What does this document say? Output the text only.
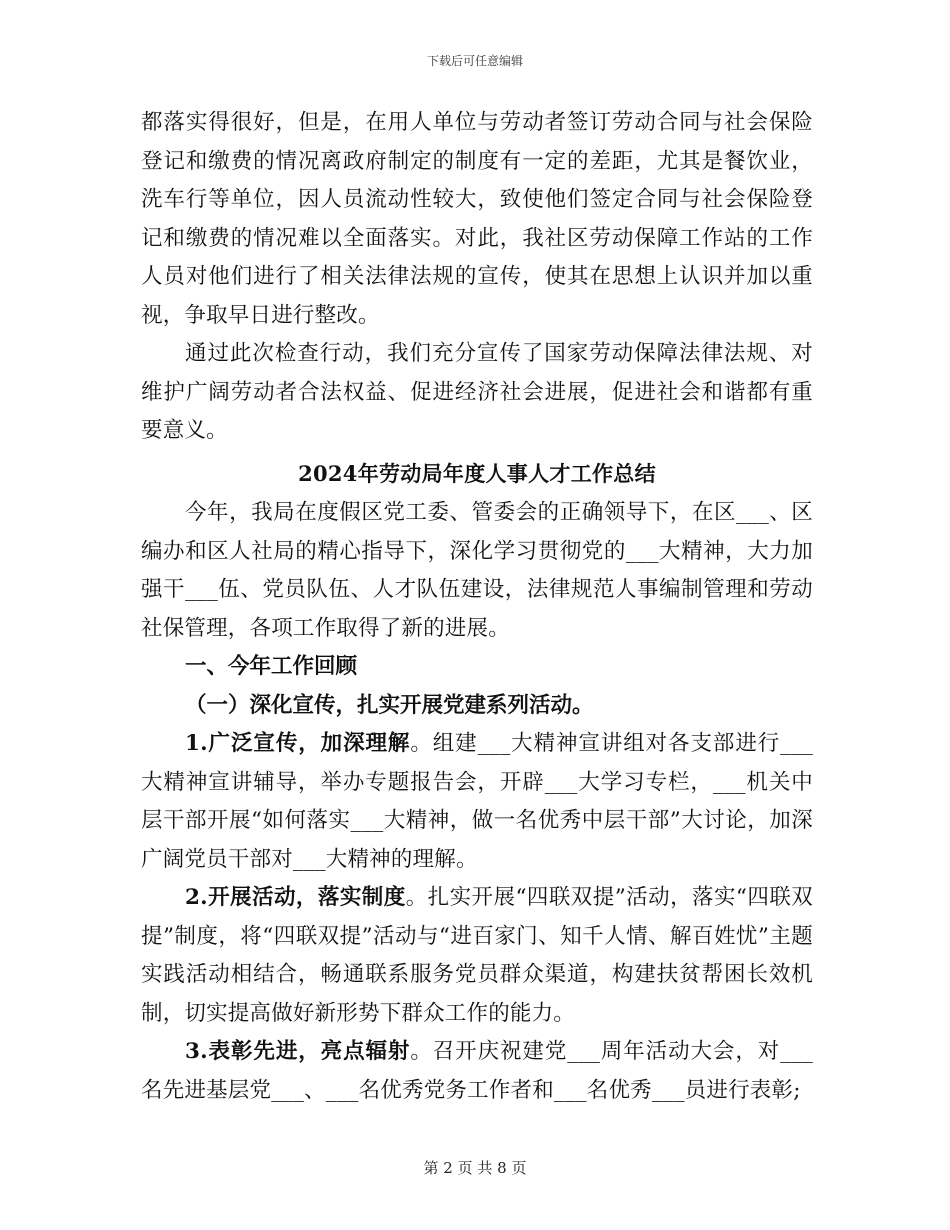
下载后可任意编辑

都落实得很好，但是，在用人单位与劳动者签订劳动合同与社会保险登记和缴费的情况离政府制定的制度有一定的差距，尤其是餐饮业，洗车行等单位，因人员流动性较大，致使他们签定合同与社会保险登记和缴费的情况难以全面落实。对此，我社区劳动保障工作站的工作人员对他们进行了相关法律法规的宣传，使其在思想上认识并加以重视，争取早日进行整改。

通过此次检查行动，我们充分宣传了国家劳动保障法律法规、对维护广阔劳动者合法权益、促进经济社会进展，促进社会和谐都有重要意义。

2024年劳动局年度人事人才工作总结

今年，我局在度假区党工委、管委会的正确领导下，在区___、区编办和区人社局的精心指导下，深化学习贯彻党的___大精神，大力加强干___伍、党员队伍、人才队伍建设，法律规范人事编制管理和劳动社保管理，各项工作取得了新的进展。

一、今年工作回顾

（一）深化宣传，扎实开展党建系列活动。

1.广泛宣传，加深理解。组建___大精神宣讲组对各支部进行___大精神宣讲辅导，举办专题报告会，开辟___大学习专栏，___机关中层干部开展“如何落实___大精神，做一名优秀中层干部”大讨论，加深广阔党员干部对___大精神的理解。

2.开展活动，落实制度。扎实开展“四联双提”活动，落实“四联双提”制度，将“四联双提”活动与“进百家门、知千人情、解百姓忧”主题实践活动相结合，畅通联系服务党员群众渠道，构建扶贫帮困长效机制，切实提高做好新形势下群众工作的能力。

3.表彰先进，亮点辐射。召开庆祝建党___周年活动大会，对___名先进基层党___、___名优秀党务工作者和___名优秀___员进行表彰;

第 2 页 共 8 页
